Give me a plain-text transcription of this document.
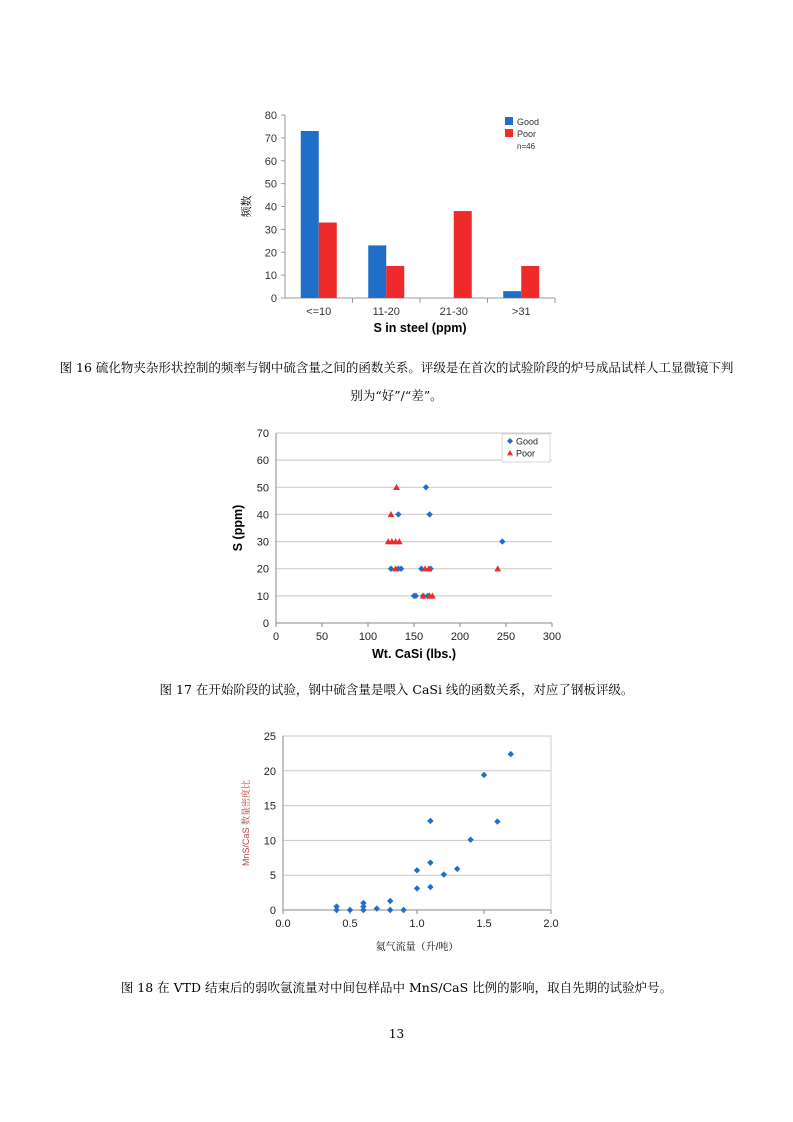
0
10
20
30
40
50
60
70
80
<=10	11-20	21-30	>31
S in steel (ppm)
频数
Good
Poor
n=46
图 16 硫化物夹杂形状控制的频率与钢中硫含量之间的函数关系。评级是在首次的试验阶段的炉号成品试样人工显微镜下判
别为“好”/“差”。
0
10
20
30
40
50
60
70
0	50	100	150	200	250	300
Wt. CaSi (lbs.)
S (ppm)
Good
Poor
图 17 在开始阶段的试验，钢中硫含量是喂入 CaSi 线的函数关系，对应了钢板评级。
0
5
10
15
20
25
0.0	0.5	1.0	1.5	2.0
氦气流量（升/吨）
MnS/CaS 数量密度比
图 18 在 VTD 结束后的弱吹氩流量对中间包样品中 MnS/CaS 比例的影响，取自先期的试验炉号。
13
